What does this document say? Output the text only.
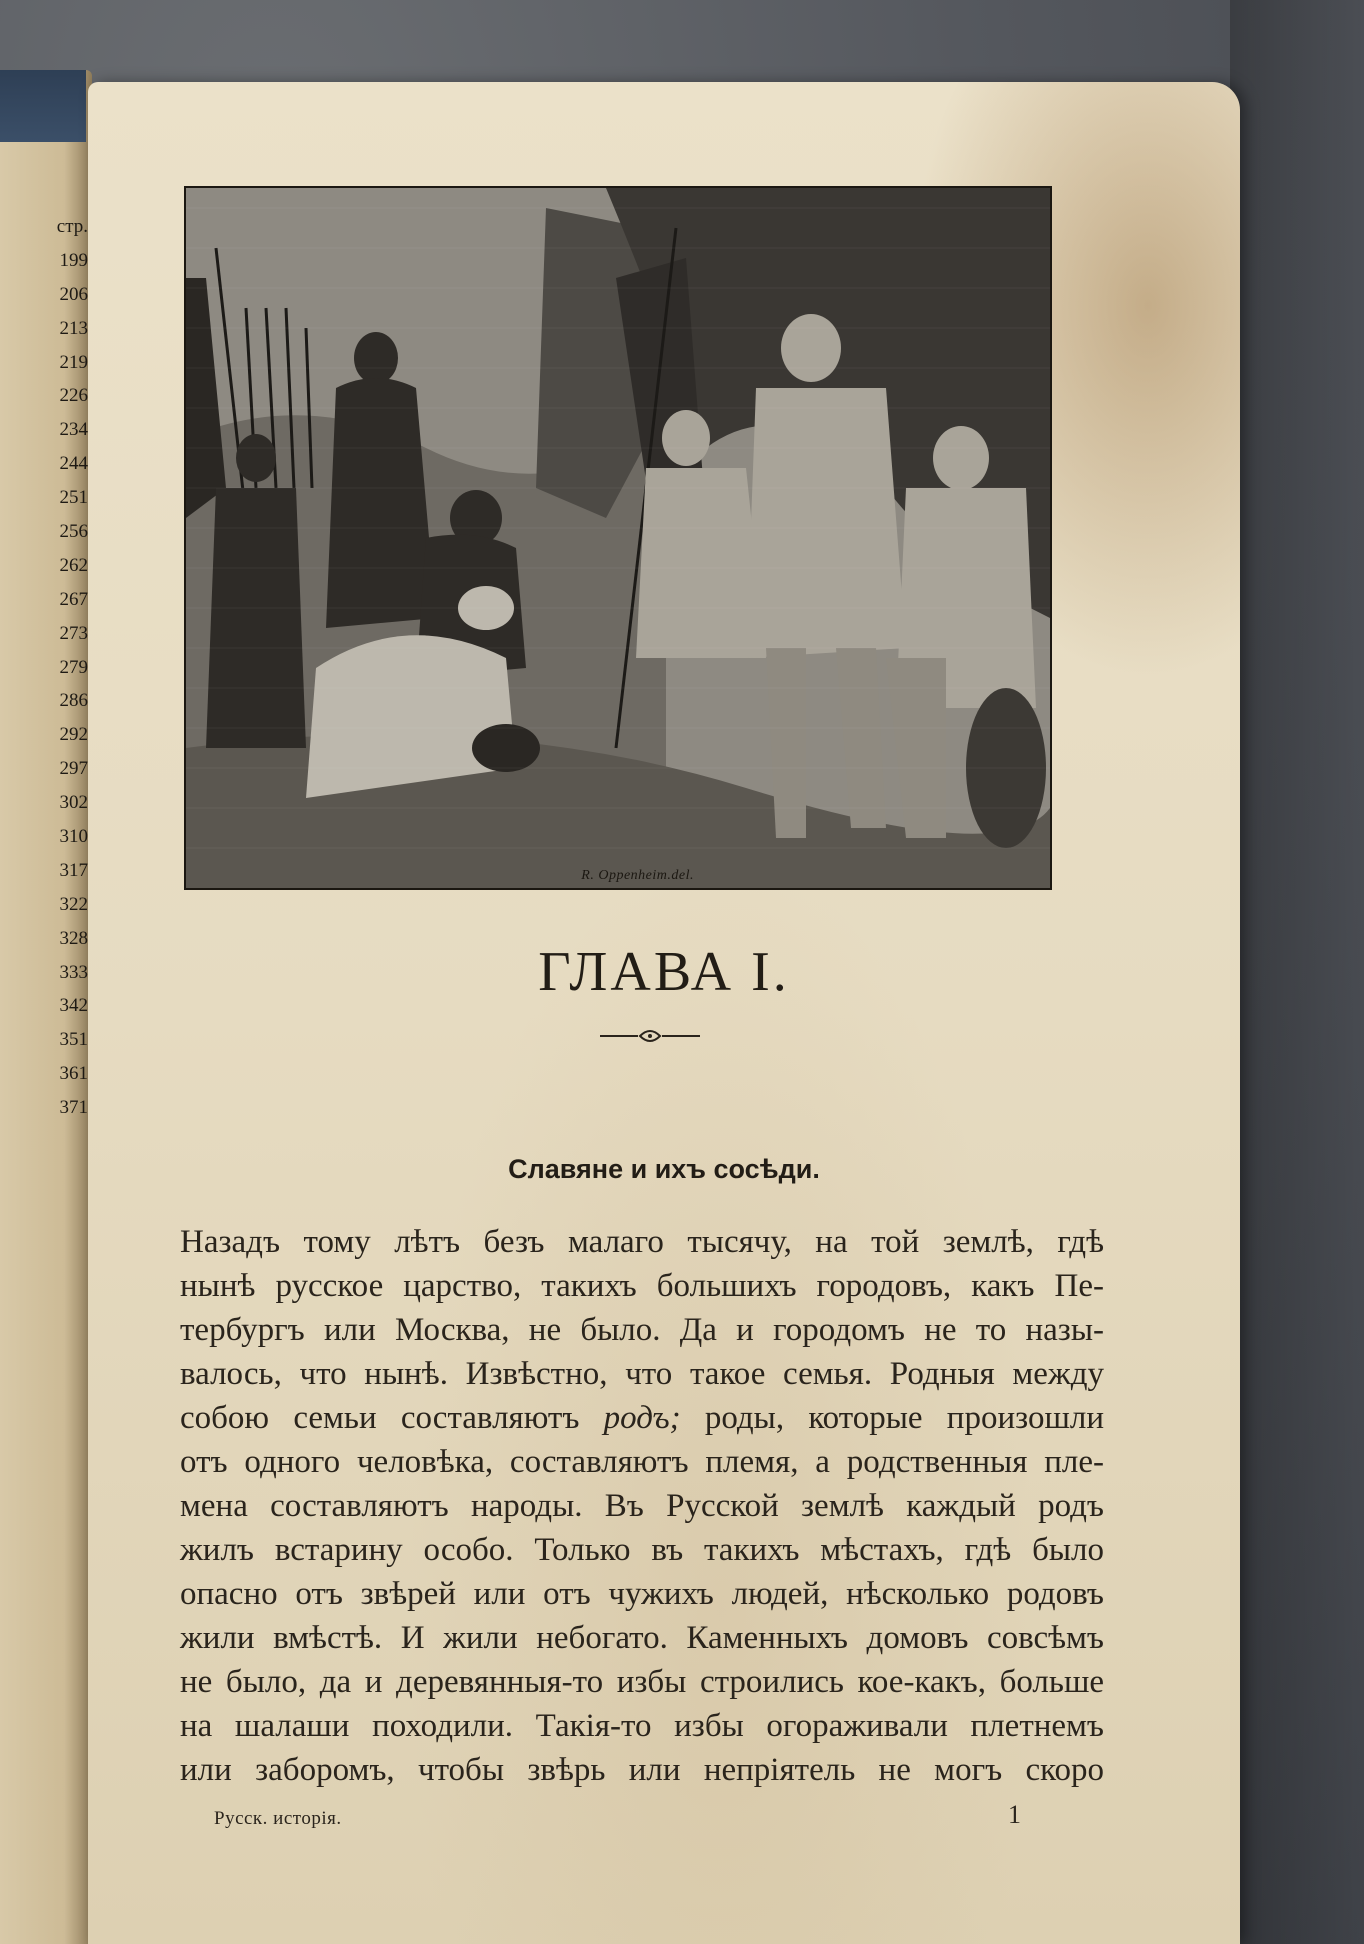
стр.
199
206
213
219
226
234
244
251
256
262
267
273
279
286
292
297
302
310
317
322
328
333
342
351
361
371
R. Oppenheim.del.
ГЛАВА I.
Славяне и ихъ сосѣди.
Назадъ тому лѣтъ безъ малаго тысячу, на той землѣ, гдѣ
нынѣ русское царство, такихъ большихъ городовъ, какъ Пе-
тербургъ или Москва, не было. Да и городомъ не то назы-
валось, что нынѣ. Извѣстно, что такое семья. Родныя между
собою семьи составляютъ родъ; роды, которые произошли
отъ одного человѣка, составляютъ племя, а родственныя пле-
мена составляютъ народы. Въ Русской землѣ каждый родъ
жилъ встарину особо. Только въ такихъ мѣстахъ, гдѣ было
опасно отъ звѣрей или отъ чужихъ людей, нѣсколько родовъ
жили вмѣстѣ. И жили небогато. Каменныхъ домовъ совсѣмъ
не было, да и деревянныя-то избы строились кое-какъ, больше
на шалаши походили. Такія-то избы огораживали плетнемъ
или заборомъ, чтобы звѣрь или непріятель не могъ скоро
Русск. исторія.	1
